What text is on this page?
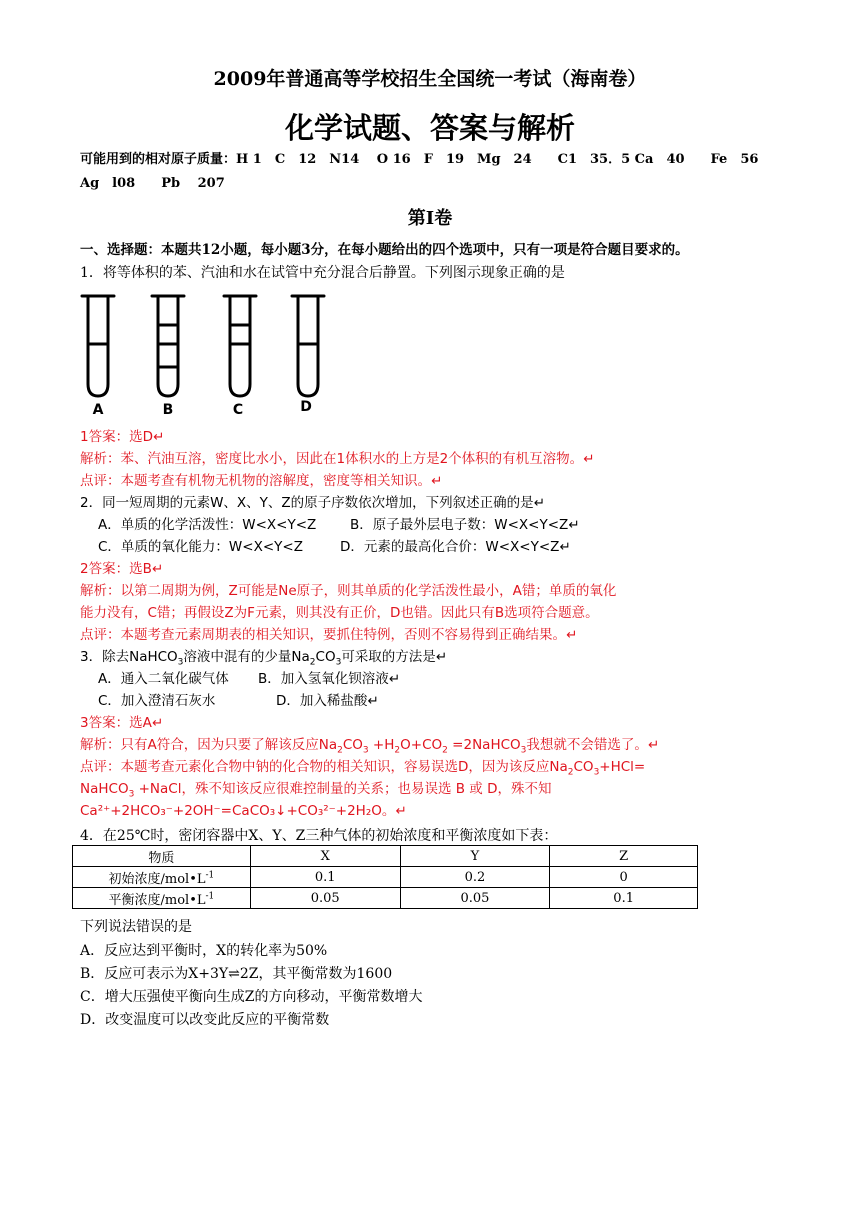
2009年普通高等学校招生全国统一考试（海南卷）
化学试题、答案与解析
可能用到的相对原子质量：H 1　C　12　N14　 O 16　F　19　Mg　24　　C1　35．5 Ca　40　　Fe　56
Ag　l08　　Pb　 207
第Ⅰ卷
一、选择题：本题共12小题，每小题3分，在每小题给出的四个选项中，只有一项是符合题目要求的。
1．将等体积的苯、汽油和水在试管中充分混合后静置。下列图示现象正确的是
A	B	C	D
1答案：选D↵
解析：苯、汽油互溶，密度比水小，因此在1体积水的上方是2个体积的有机互溶物。↵
点评：本题考查有机物无机物的溶解度，密度等相关知识。↵
2．同一短周期的元素W、X、Y、Z的原子序数依次增加，下列叙述正确的是↵
A．单质的化学活泼性：W<X<Y<Z B．原子最外层电子数：W<X<Y<Z↵
C．单质的氧化能力：W<X<Y<Z	D．元素的最高化合价：W<X<Y<Z↵
2答案：选B↵
解析：以第二周期为例，Z可能是Ne原子，则其单质的化学活泼性最小，A错；单质的氧化
能力没有，C错；再假设Z为F元素，则其没有正价，D也错。因此只有B选项符合题意。
点评：本题考查元素周期表的相关知识，要抓住特例，否则不容易得到正确结果。↵
3．除去NaHCO$_3$溶液中混有的少量$Na_2CO_3$可采取的方法是↵
A．通入二氧化碳气体 B．加入氢氧化钡溶液↵
C．加入澄清石灰水	D．加入稀盐酸↵
3答案：选A↵
解析：只有A符合，因为只要了解该反应$Na_2CO_3 +H_2O+CO_2$ =2NaHCO$_3$我想就不会错选了。↵
点评：本题考查元素化合物中钠的化合物的相关知识，容易误选D，因为该反应$Na_2CO_3+HCl=$
NaHCO$_3$ +NaCl，殊不知该反应很难控制量的关系；也易误选 B 或 D，殊不知
Ca²⁺+2HCO₃⁻+2OH⁻=CaCO₃↓+CO₃²⁻+2H₂O。↵
4．在25℃时，密闭容器中X、Y、Z三种气体的初始浓度和平衡浓度如下表：
物质	X	Y	Z
初始浓度$/mol•L^{-1}$	0.1	0.2	0
平衡浓度$/mol•L^{-1}$	0.05	0.05	0.1
下列说法错误的是
A．反应达到平衡时，X的转化率为50%
B．反应可表示为X+3Y⇌2Z，其平衡常数为1600
C．增大压强使平衡向生成Z的方向移动，平衡常数增大
D．改变温度可以改变此反应的平衡常数
